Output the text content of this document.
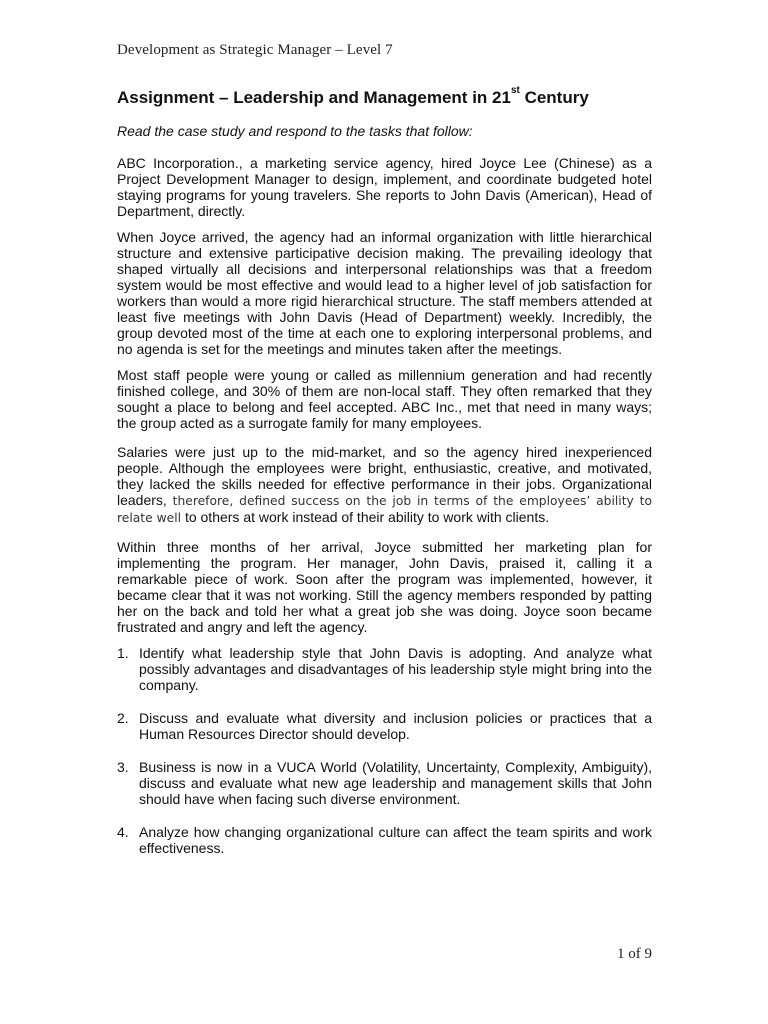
Development as Strategic Manager – Level 7
Assignment – Leadership and Management in 21st Century
Read the case study and respond to the tasks that follow:
ABC Incorporation., a marketing service agency, hired Joyce Lee (Chinese) as a Project Development Manager to design, implement, and coordinate budgeted hotel staying programs for young travelers. She reports to John Davis (American), Head of Department, directly.
When Joyce arrived, the agency had an informal organization with little hierarchical structure and extensive participative decision making. The prevailing ideology that shaped virtually all decisions and interpersonal relationships was that a freedom system would be most effective and would lead to a higher level of job satisfaction for workers than would a more rigid hierarchical structure. The staff members attended at least five meetings with John Davis (Head of Department) weekly. Incredibly, the group devoted most of the time at each one to exploring interpersonal problems, and no agenda is set for the meetings and minutes taken after the meetings.
Most staff people were young or called as millennium generation and had recently finished college, and 30% of them are non-local staff. They often remarked that they sought a place to belong and feel accepted. ABC Inc., met that need in many ways; the group acted as a surrogate family for many employees.
Salaries were just up to the mid-market, and so the agency hired inexperienced people. Although the employees were bright, enthusiastic, creative, and motivated, they lacked the skills needed for effective performance in their jobs. Organizational leaders, therefore, defined success on the job in terms of the employees’ ability to relate well to others at work instead of their ability to work with clients.
Within three months of her arrival, Joyce submitted her marketing plan for implementing the program. Her manager, John Davis, praised it, calling it a remarkable piece of work. Soon after the program was implemented, however, it became clear that it was not working. Still the agency members responded by patting her on the back and told her what a great job she was doing. Joyce soon became frustrated and angry and left the agency.
1. Identify what leadership style that John Davis is adopting. And analyze what possibly advantages and disadvantages of his leadership style might bring into the company.
2. Discuss and evaluate what diversity and inclusion policies or practices that a Human Resources Director should develop.
3. Business is now in a VUCA World (Volatility, Uncertainty, Complexity, Ambiguity), discuss and evaluate what new age leadership and management skills that John should have when facing such diverse environment.
4. Analyze how changing organizational culture can affect the team spirits and work effectiveness.
1 of 9
